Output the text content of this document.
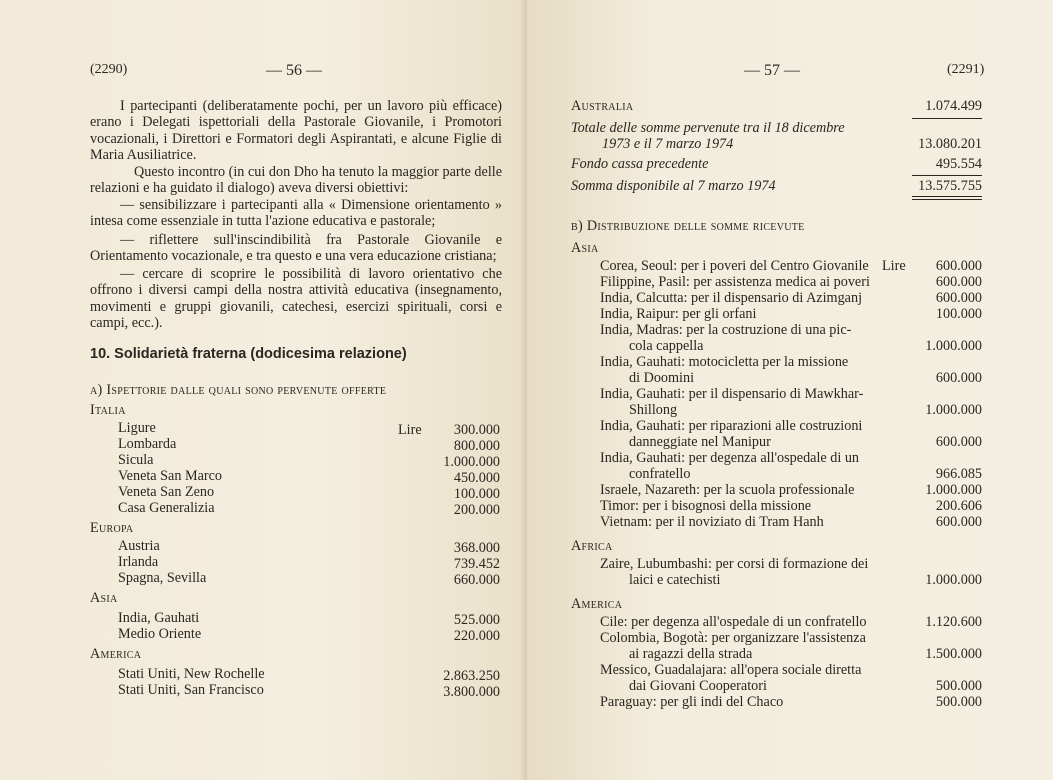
(2290)	— 56 —
I partecipanti (deliberatamente pochi, per un lavoro più efficace) erano i Delegati ispettoriali della Pastorale Giovanile, i Promotori vocazionali, i Direttori e Formatori degli Aspirantati, e alcune Figlie di Maria Ausiliatrice.
Questo incontro (in cui don Dho ha tenuto la maggior parte delle relazioni e ha guidato il dialogo) aveva diversi obiettivi:
— sensibilizzare i partecipanti alla « Dimensione orientamento » intesa come essenziale in tutta l'azione educativa e pastorale;
— riflettere sull'inscindibilità fra Pastorale Giovanile e Orientamento vocazionale, e tra questo e una vera educazione cristiana;
— cercare di scoprire le possibilità di lavoro orientativo che offrono i diversi campi della nostra attività educativa (insegnamento, movimenti e gruppi giovanili, catechesi, esercizi spirituali, corsi e campi, ecc.).
10. Solidarietà fraterna (dodicesima relazione)
a) Ispettorie dalle quali sono pervenute offerte
Italia
Ligure	300.000
Lombarda	800.000
Sicula	1.000.000
Veneta San Marco	450.000
Veneta San Zeno	100.000
Casa Generalizia	200.000
Europa
Austria	368.000
Irlanda	739.452
Spagna, Sevilla	660.000
Asia
India, Gauhati	525.000
Medio Oriente	220.000
America
Stati Uniti, New Rochelle	2.863.250
Stati Uniti, San Francisco	3.800.000
Lire
— 57 —	(2291)
Australia	1.074.499
Totale delle somme pervenute tra il 18 dicembre
1973 e il 7 marzo 1974	13.080.201
Fondo cassa precedente	495.554
Somma disponibile al 7 marzo 1974	13.575.755
b) Distribuzione delle somme ricevute
Asia
Lire
Corea, Seoul: per i poveri del Centro Giovanile	600.000
Filippine, Pasil: per assistenza medica ai poveri	600.000
India, Calcutta: per il dispensario di Azimganj	600.000
India, Raipur: per gli orfani	100.000
India, Madras: per la costruzione di una pic-
cola cappella	1.000.000
India, Gauhati: motocicletta per la missione
di Doomini	600.000
India, Gauhati: per il dispensario di Mawkhar-
Shillong	1.000.000
India, Gauhati: per riparazioni alle costruzioni
danneggiate nel Manipur	600.000
India, Gauhati: per degenza all'ospedale di un
confratello	966.085
Israele, Nazareth: per la scuola professionale	1.000.000
Timor: per i bisognosi della missione	200.606
Vietnam: per il noviziato di Tram Hanh	600.000
Africa
Zaire, Lubumbashi: per corsi di formazione dei
laici e catechisti	1.000.000
America
Cile: per degenza all'ospedale di un confratello	1.120.600
Colombia, Bogotà: per organizzare l'assistenza
ai ragazzi della strada	1.500.000
Messico, Guadalajara: all'opera sociale diretta
dai Giovani Cooperatori	500.000
Paraguay: per gli indi del Chaco	500.000
